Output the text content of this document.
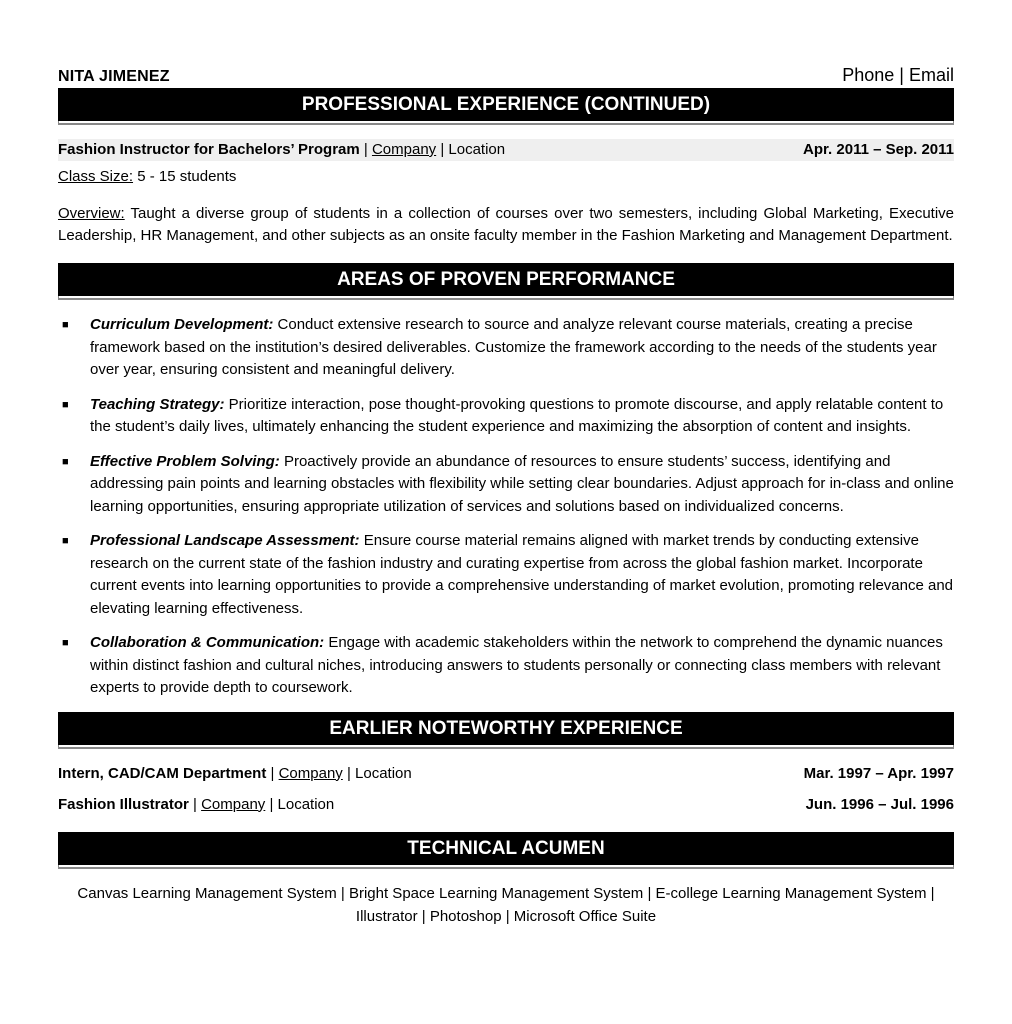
NITA JIMENEZ	Phone | Email
PROFESSIONAL EXPERIENCE (CONTINUED)
Fashion Instructor for Bachelors’ Program | Company | Location	Apr. 2011 – Sep. 2011
Class Size: 5 - 15 students
Overview: Taught a diverse group of students in a collection of courses over two semesters, including Global Marketing, Executive Leadership, HR Management, and other subjects as an onsite faculty member in the Fashion Marketing and Management Department.
AREAS OF PROVEN PERFORMANCE
■ Curriculum Development: Conduct extensive research to source and analyze relevant course materials, creating a precise framework based on the institution’s desired deliverables. Customize the framework according to the needs of the students year over year, ensuring consistent and meaningful delivery.
■ Teaching Strategy: Prioritize interaction, pose thought-provoking questions to promote discourse, and apply relatable content to the student’s daily lives, ultimately enhancing the student experience and maximizing the absorption of content and insights.
■ Effective Problem Solving: Proactively provide an abundance of resources to ensure students’ success, identifying and addressing pain points and learning obstacles with flexibility while setting clear boundaries. Adjust approach for in-class and online learning opportunities, ensuring appropriate utilization of services and solutions based on individualized concerns.
■ Professional Landscape Assessment: Ensure course material remains aligned with market trends by conducting extensive research on the current state of the fashion industry and curating expertise from across the global fashion market. Incorporate current events into learning opportunities to provide a comprehensive understanding of market evolution, promoting relevance and elevating learning effectiveness.
■ Collaboration & Communication: Engage with academic stakeholders within the network to comprehend the dynamic nuances within distinct fashion and cultural niches, introducing answers to students personally or connecting class members with relevant experts to provide depth to coursework.
EARLIER NOTEWORTHY EXPERIENCE
Intern, CAD/CAM Department | Company | Location	Mar. 1997 – Apr. 1997
Fashion Illustrator | Company | Location	Jun. 1996 – Jul. 1996
TECHNICAL ACUMEN
Canvas Learning Management System | Bright Space Learning Management System | E-college Learning Management System | Illustrator | Photoshop | Microsoft Office Suite
